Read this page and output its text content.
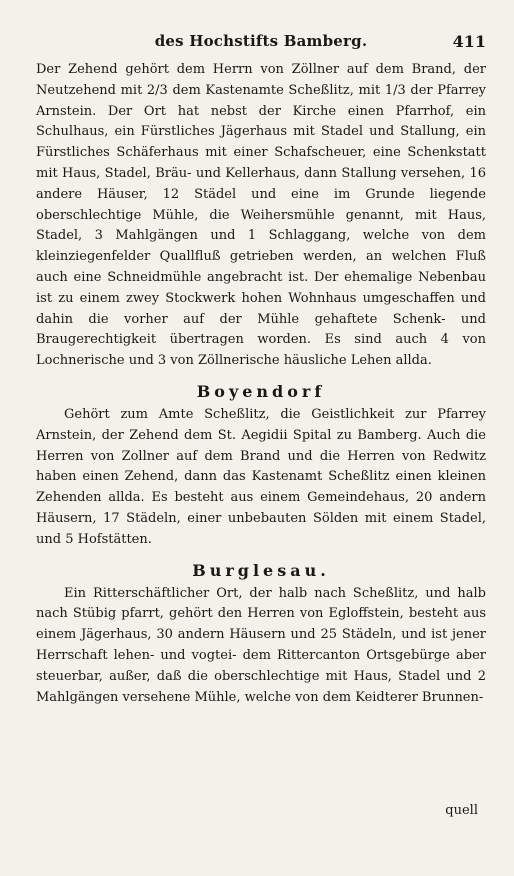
des Hochstifts Bamberg.	411

Der Zehend gehört dem Herrn von Zöllner auf dem Brand, der Neutzehend mit 2/3 dem Kastenamte Scheßlitz, mit 1/3 der Pfarrey Arnstein. Der Ort hat nebst der Kirche einen Pfarrhof, ein Schulhaus, ein Fürstliches Jägerhaus mit Stadel und Stallung, ein Fürstliches Schäferhaus mit einer Schafscheuer, eine Schenkstatt mit Haus, Stadel, Bräu- und Kellerhaus, dann Stallung versehen, 16 andere Häuser, 12 Städel und eine im Grunde liegende oberschlechtige Mühle, die Weihersmühle genannt, mit Haus, Stadel, 3 Mahlgängen und 1 Schlaggang, welche von dem kleinziegenfelder Quallfluß getrieben werden, an welchen Fluß auch eine Schneidmühle angebracht ist. Der ehemalige Nebenbau ist zu einem zwey Stockwerk hohen Wohnhaus umgeschaffen und dahin die vorher auf der Mühle gehaftete Schenk- und Braugerechtigkeit übertragen worden. Es sind auch 4 von Lochnerische und 3 von Zöllnerische häusliche Lehen allda.

Boyendorf

Gehört zum Amte Scheßlitz, die Geistlichkeit zur Pfarrey Arnstein, der Zehend dem St. Aegidii Spital zu Bamberg. Auch die Herren von Zollner auf dem Brand und die Herren von Redwitz haben einen Zehend, dann das Kastenamt Scheßlitz einen kleinen Zehenden allda. Es besteht aus einem Gemeindehaus, 20 andern Häusern, 17 Städeln, einer unbebauten Sölden mit einem Stadel, und 5 Hofstätten.

Burglesau.

Ein Ritterschäftlicher Ort, der halb nach Scheßlitz, und halb nach Stübig pfarrt, gehört den Herren von Egloffstein, besteht aus einem Jägerhaus, 30 andern Häusern und 25 Städeln, und ist jener Herrschaft lehen- und vogtei- dem Rittercanton Ortsgebürge aber steuerbar, außer, daß die oberschlechtige mit Haus, Stadel und 2 Mahlgängen versehene Mühle, welche von dem Keidterer Brunnen-

quell
